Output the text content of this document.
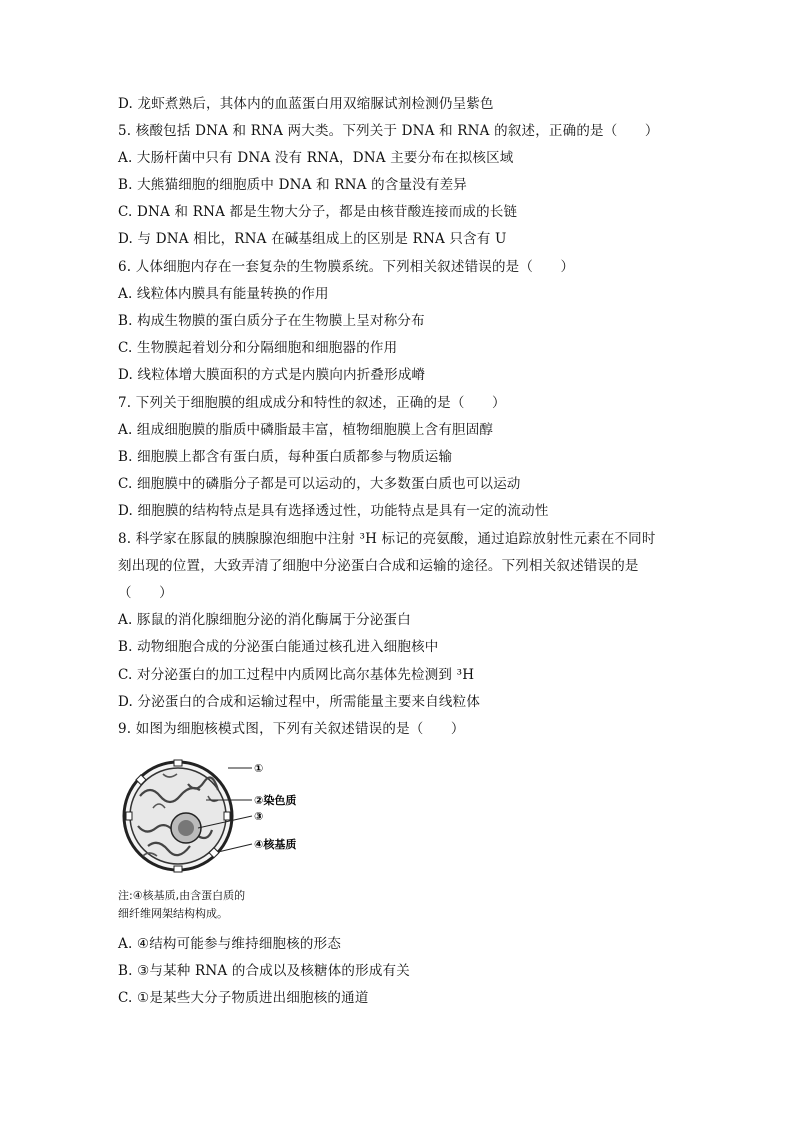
D. 龙虾煮熟后，其体内的血蓝蛋白用双缩脲试剂检测仍呈紫色
5. 核酸包括 DNA 和 RNA 两大类。下列关于 DNA 和 RNA 的叙述，正确的是（　　）
A. 大肠杆菌中只有 DNA 没有 RNA，DNA 主要分布在拟核区域
B. 大熊猫细胞的细胞质中 DNA 和 RNA 的含量没有差异
C. DNA 和 RNA 都是生物大分子，都是由核苷酸连接而成的长链
D. 与 DNA 相比，RNA 在碱基组成上的区别是 RNA 只含有 U
6. 人体细胞内存在一套复杂的生物膜系统。下列相关叙述错误的是（　　）
A. 线粒体内膜具有能量转换的作用
B. 构成生物膜的蛋白质分子在生物膜上呈对称分布
C. 生物膜起着划分和分隔细胞和细胞器的作用
D. 线粒体增大膜面积的方式是内膜向内折叠形成嵴
7. 下列关于细胞膜的组成成分和特性的叙述，正确的是（　　）
A. 组成细胞膜的脂质中磷脂最丰富，植物细胞膜上含有胆固醇
B. 细胞膜上都含有蛋白质，每种蛋白质都参与物质运输
C. 细胞膜中的磷脂分子都是可以运动的，大多数蛋白质也可以运动
D. 细胞膜的结构特点是具有选择透过性，功能特点是具有一定的流动性
8. 科学家在豚鼠的胰腺腺泡细胞中注射 ³H 标记的亮氨酸，通过追踪放射性元素在不同时
刻出现的位置，大致弄清了细胞中分泌蛋白合成和运输的途径。下列相关叙述错误的是
（　　）
A. 豚鼠的消化腺细胞分泌的消化酶属于分泌蛋白
B. 动物细胞合成的分泌蛋白能通过核孔进入细胞核中
C. 对分泌蛋白的加工过程中内质网比高尔基体先检测到 ³H
D. 分泌蛋白的合成和运输过程中，所需能量主要来自线粒体
9. 如图为细胞核模式图，下列有关叙述错误的是（　　）
①
②染色质
③
④核基质
注:④核基质,由含蛋白质的
细纤维网架结构构成。
A. ④结构可能参与维持细胞核的形态
B. ③与某种 RNA 的合成以及核糖体的形成有关
C. ①是某些大分子物质进出细胞核的通道
